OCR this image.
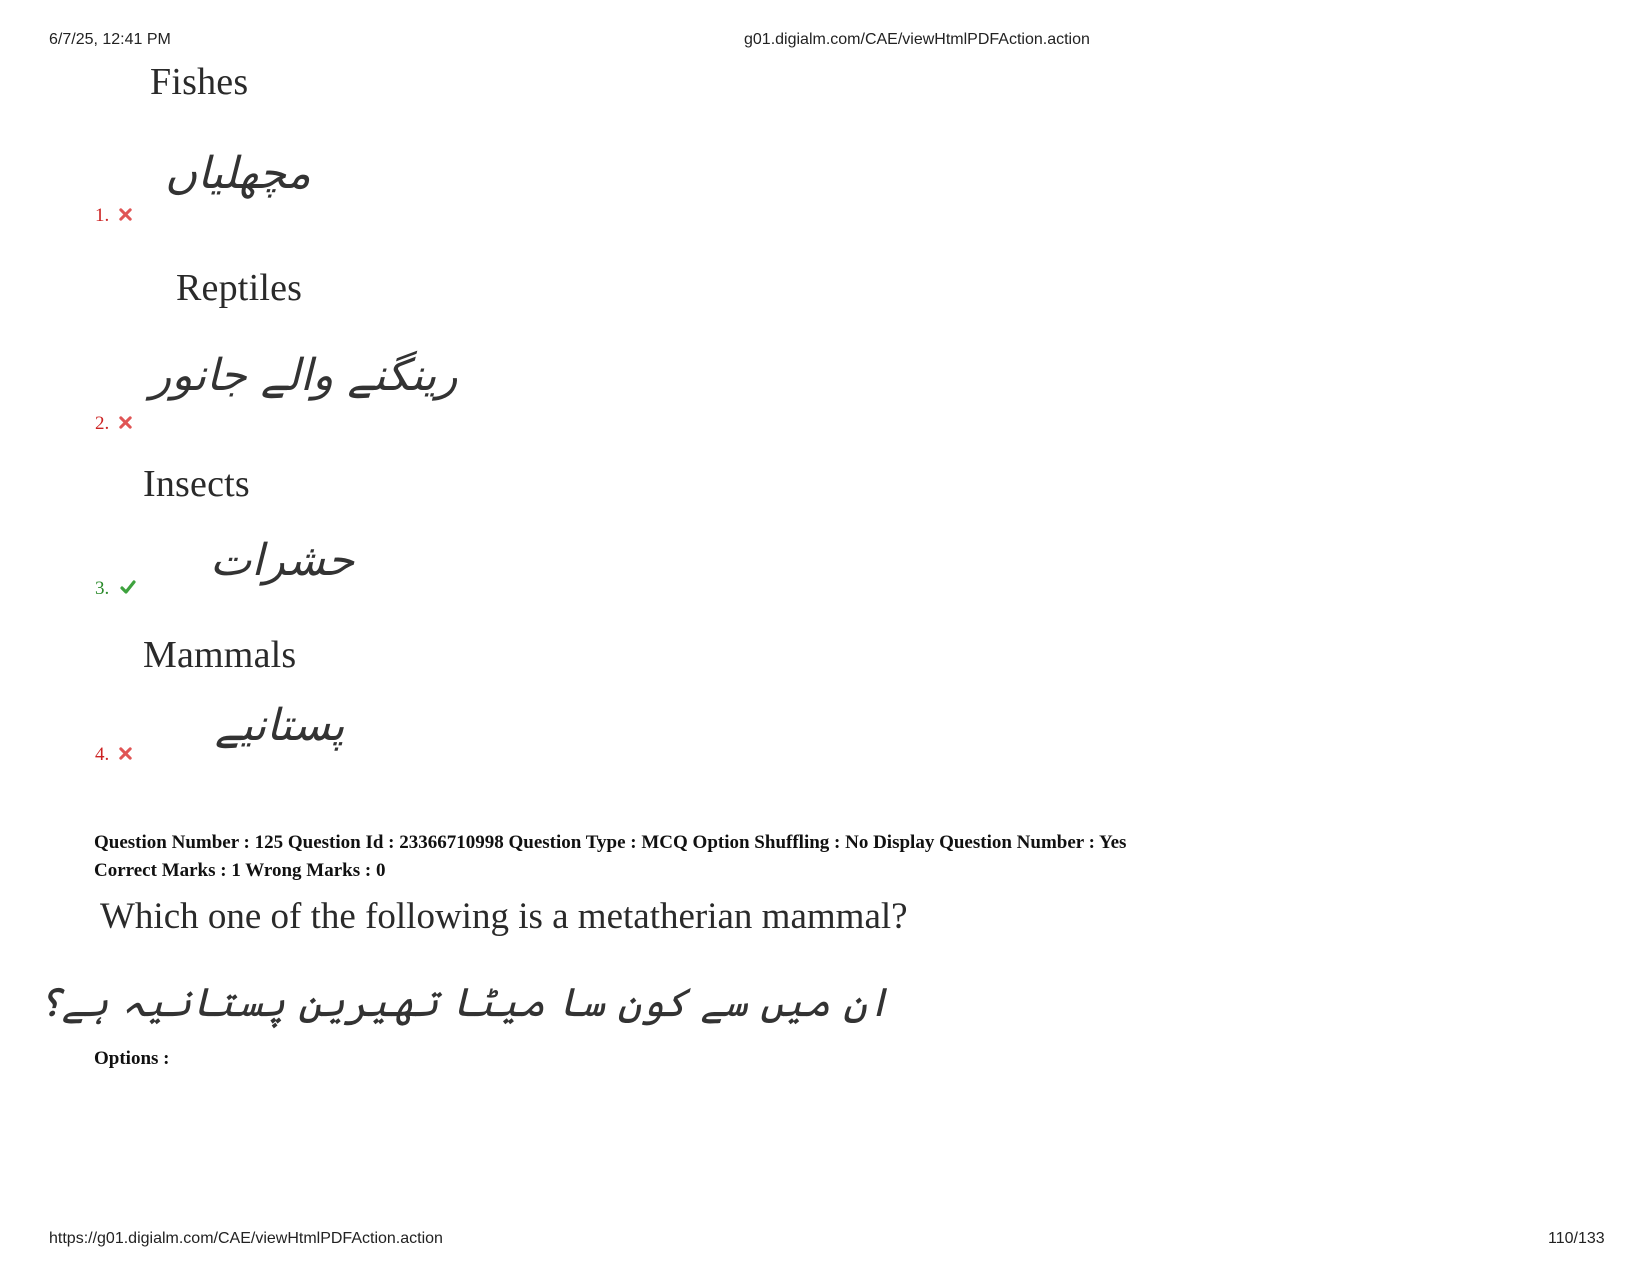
6/7/25, 12:41 PM	g01.digialm.com/CAE/viewHtmlPDFAction.action
Fishes
مچھلیاں
1.
Reptiles
رینگنے والے جانور
2.
Insects
حشرات
3.
Mammals
پستانیے
4.
Question Number : 125 Question Id : 23366710998 Question Type : MCQ Option Shuffling : No Display Question Number : Yes
Correct Marks : 1 Wrong Marks : 0
Which one of the following is a metatherian mammal?
ان میں سے کون سا میٹا تھیرین پستانیہ ہے؟
Options :
https://g01.digialm.com/CAE/viewHtmlPDFAction.action	110/133
